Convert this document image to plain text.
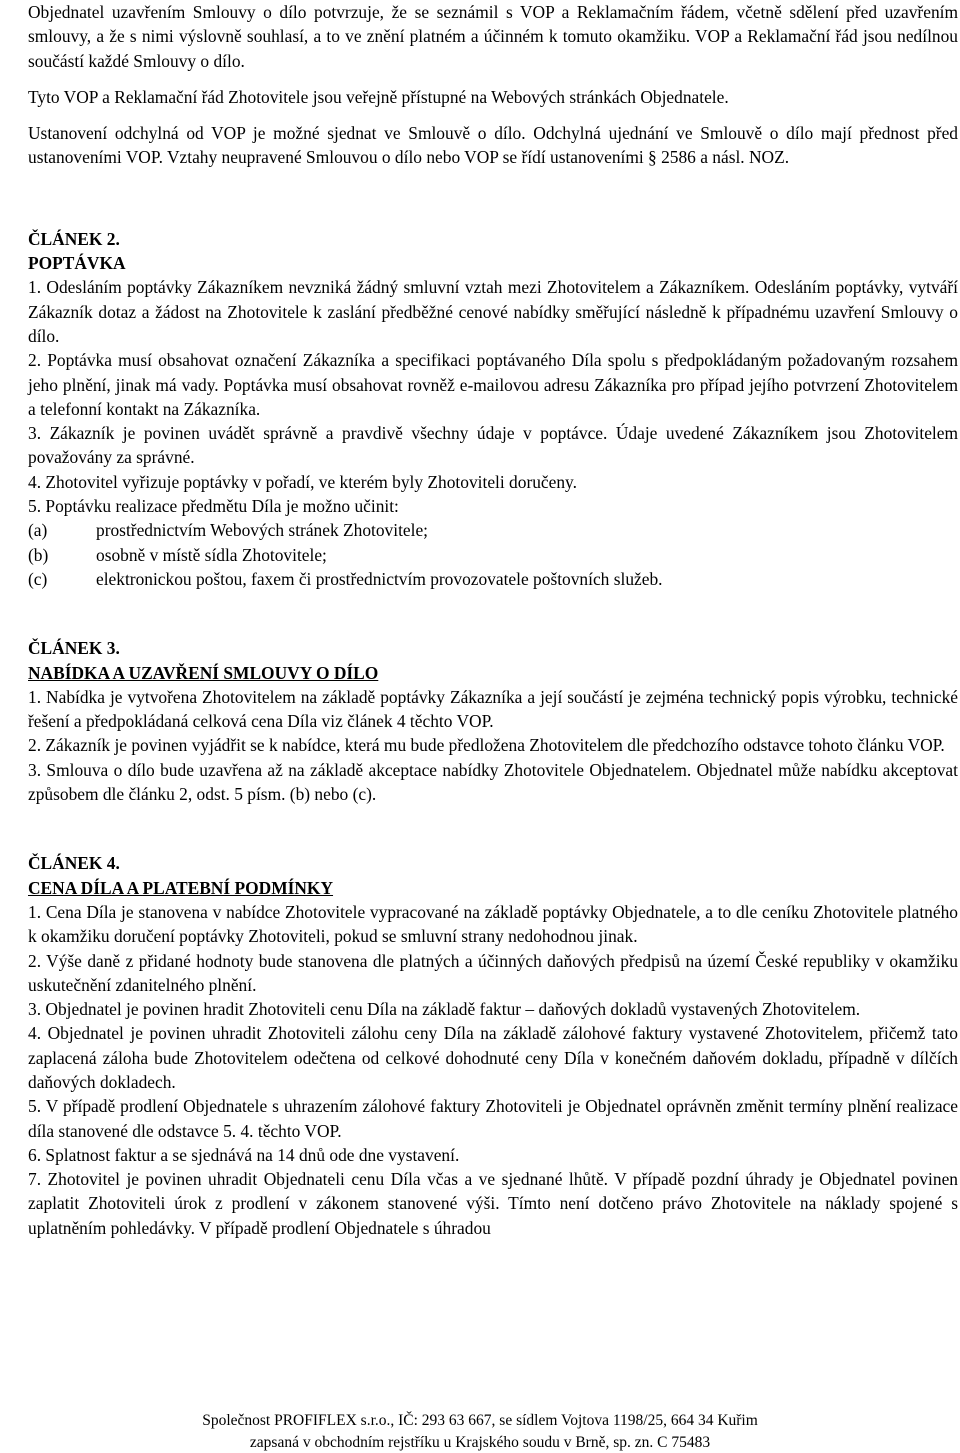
Objednatel uzavřením Smlouvy o dílo potvrzuje, že se seznámil s VOP a Reklamačním řádem, včetně sdělení před uzavřením smlouvy, a že s nimi výslovně souhlasí, a to ve znění platném a účinném k tomuto okamžiku. VOP a Reklamační řád jsou nedílnou součástí každé Smlouvy o dílo.

Tyto VOP a Reklamační řád Zhotovitele jsou veřejně přístupné na Webových stránkách Objednatele.

Ustanovení odchylná od VOP je možné sjednat ve Smlouvě o dílo. Odchylná ujednání ve Smlouvě o dílo mají přednost před ustanoveními VOP. Vztahy neupravené Smlouvou o dílo nebo VOP se řídí ustanoveními § 2586 a násl. NOZ.

ČLÁNEK 2.
POPTÁVKA

1. Odesláním poptávky Zákazníkem nevzniká žádný smluvní vztah mezi Zhotovitelem a Zákazníkem. Odesláním poptávky, vytváří Zákazník dotaz a žádost na Zhotovitele k zaslání předběžné cenové nabídky směřující následně k případnému uzavření Smlouvy o dílo.

2. Poptávka musí obsahovat označení Zákazníka a specifikaci poptávaného Díla spolu s předpokládaným požadovaným rozsahem jeho plnění, jinak má vady. Poptávka musí obsahovat rovněž e-mailovou adresu Zákazníka pro případ jejího potvrzení Zhotovitelem a telefonní kontakt na Zákazníka.

3. Zákazník je povinen uvádět správně a pravdivě všechny údaje v poptávce. Údaje uvedené Zákazníkem jsou Zhotovitelem považovány za správné.

4. Zhotovitel vyřizuje poptávky v pořadí, ve kterém byly Zhotoviteli doručeny.

5. Poptávku realizace předmětu Díla je možno učinit:

(a)	prostřednictvím Webových stránek Zhotovitele;
(b)	osobně v místě sídla Zhotovitele;
(c)	elektronickou poštou, faxem či prostřednictvím provozovatele poštovních služeb.
ČLÁNEK 3.
NABÍDKA A UZAVŘENÍ SMLOUVY O DÍLO

1. Nabídka je vytvořena Zhotovitelem na základě poptávky Zákazníka a její součástí je zejména technický popis výrobku, technické řešení a předpokládaná celková cena Díla viz článek 4 těchto VOP.

2. Zákazník je povinen vyjádřit se k nabídce, která mu bude předložena Zhotovitelem dle předchozího odstavce tohoto článku VOP.

3. Smlouva o dílo bude uzavřena až na základě akceptace nabídky Zhotovitele Objednatelem. Objednatel může nabídku akceptovat způsobem dle článku 2, odst. 5 písm. (b) nebo (c).

ČLÁNEK 4.
CENA DÍLA A PLATEBNÍ PODMÍNKY

1. Cena Díla je stanovena v nabídce Zhotovitele vypracované na základě poptávky Objednatele, a to dle ceníku Zhotovitele platného k okamžiku doručení poptávky Zhotoviteli, pokud se smluvní strany nedohodnou jinak.

2. Výše daně z přidané hodnoty bude stanovena dle platných a účinných daňových předpisů na území České republiky v okamžiku uskutečnění zdanitelného plnění.

3. Objednatel je povinen hradit Zhotoviteli cenu Díla na základě faktur – daňových dokladů vystavených Zhotovitelem.

4. Objednatel je povinen uhradit Zhotoviteli zálohu ceny Díla na základě zálohové faktury vystavené Zhotovitelem, přičemž tato zaplacená záloha bude Zhotovitelem odečtena od celkové dohodnuté ceny Díla v konečném daňovém dokladu, případně v dílčích daňových dokladech.

5. V případě prodlení Objednatele s uhrazením zálohové faktury Zhotoviteli je Objednatel oprávněn změnit termíny plnění realizace díla stanovené dle odstavce 5. 4. těchto VOP.

6. Splatnost faktur a se sjednává na 14 dnů ode dne vystavení.

7. Zhotovitel je povinen uhradit Objednateli cenu Díla včas a ve sjednané lhůtě. V případě pozdní úhrady je Objednatel povinen zaplatit Zhotoviteli úrok z prodlení v zákonem stanovené výši. Tímto není dotčeno právo Zhotovitele na náklady spojené s uplatněním pohledávky. V případě prodlení Objednatele s úhradou

Společnost PROFIFLEX s.r.o., IČ: 293 63 667, se sídlem Vojtova 1198/25, 664 34 Kuřim
zapsaná v obchodním rejstříku u Krajského soudu v Brně, sp. zn. C 75483
